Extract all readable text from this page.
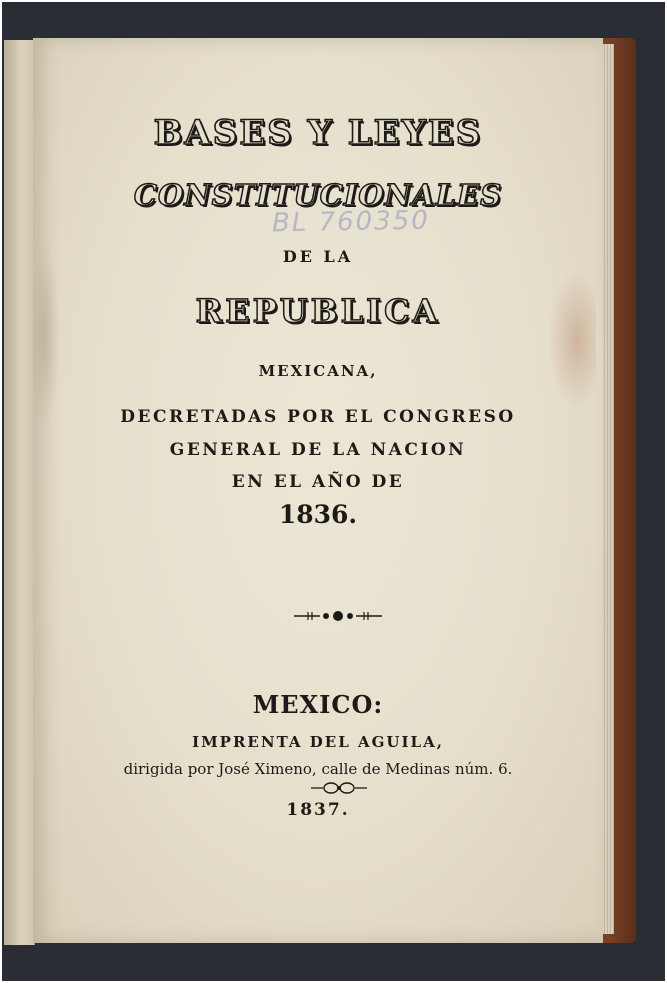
BASES Y LEYES
CONSTITUCIONALES
BL 760350
DE LA
REPUBLICA
MEXICANA,
DECRETADAS POR EL CONGRESO
GENERAL DE LA NACION
EN EL AÑO DE
1836.
MEXICO:
IMPRENTA DEL AGUILA,
dirigida por José Ximeno, calle de Medinas núm. 6.
1837.
